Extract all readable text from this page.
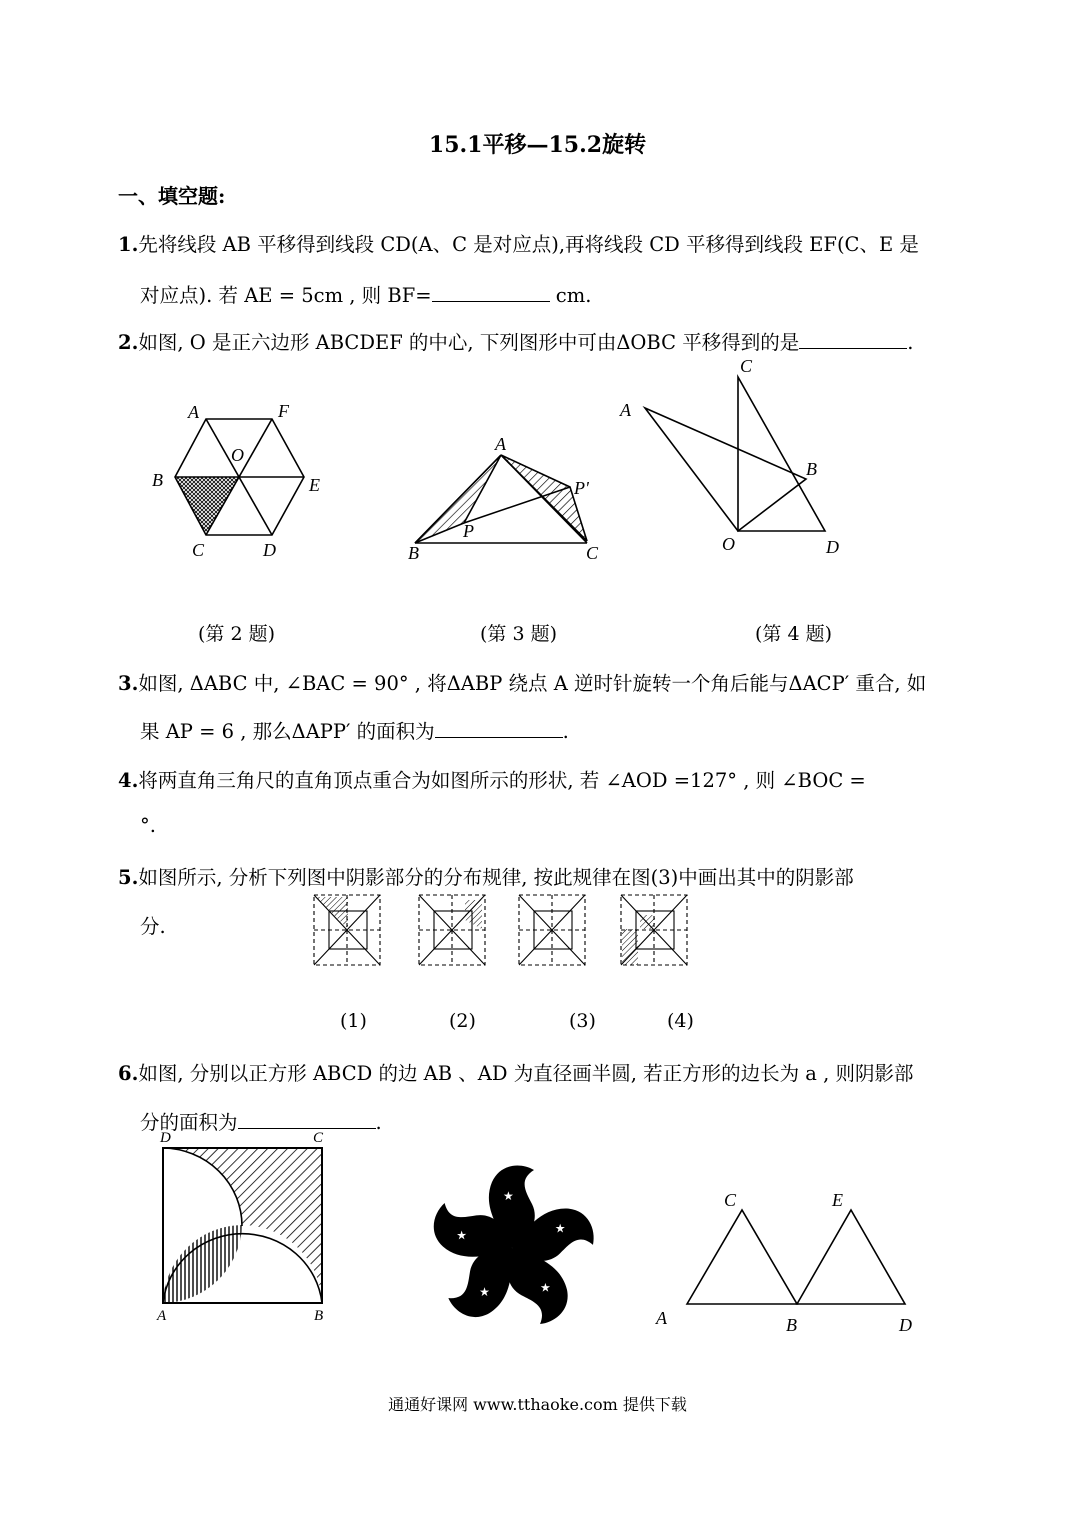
15.1平移—15.2旋转
一、填空题:
1.先将线段 AB 平移得到线段 CD(A、C 是对应点),再将线段 CD 平移得到线段 EF(C、E 是
对应点). 若 AE = 5cm , 则 BF=	cm.
2.如图, O 是正六边形 ABCDEF 的中心, 下列图形中可由ΔOBC 平移得到的是	.
A	F
O
B	E
C	D
A
P'
P
B	C
C
A
B
O	D
(第 2 题)	(第 3 题)	(第 4 题)
3.如图, ΔABC 中, ∠BAC = 90° , 将ΔABP 绕点 A 逆时针旋转一个角后能与ΔACP′ 重合, 如
果 AP = 6 , 那么ΔAPP′ 的面积为	.
4.将两直角三角尺的直角顶点重合为如图所示的形状, 若 ∠AOD =127° , 则 ∠BOC =
°.
5.如图所示, 分析下列图中阴影部分的分布规律, 按此规律在图(3)中画出其中的阴影部
分.
(1)	(2)	(3)	(4)
6.如图, 分别以正方形 ABCD 的边 AB 、AD 为直径画半圆, 若正方形的边长为 a , 则阴影部
分的面积为	.
D	C
A	B
★	C	E
A	B	D
通通好课网 www.tthaoke.com 提供下载
